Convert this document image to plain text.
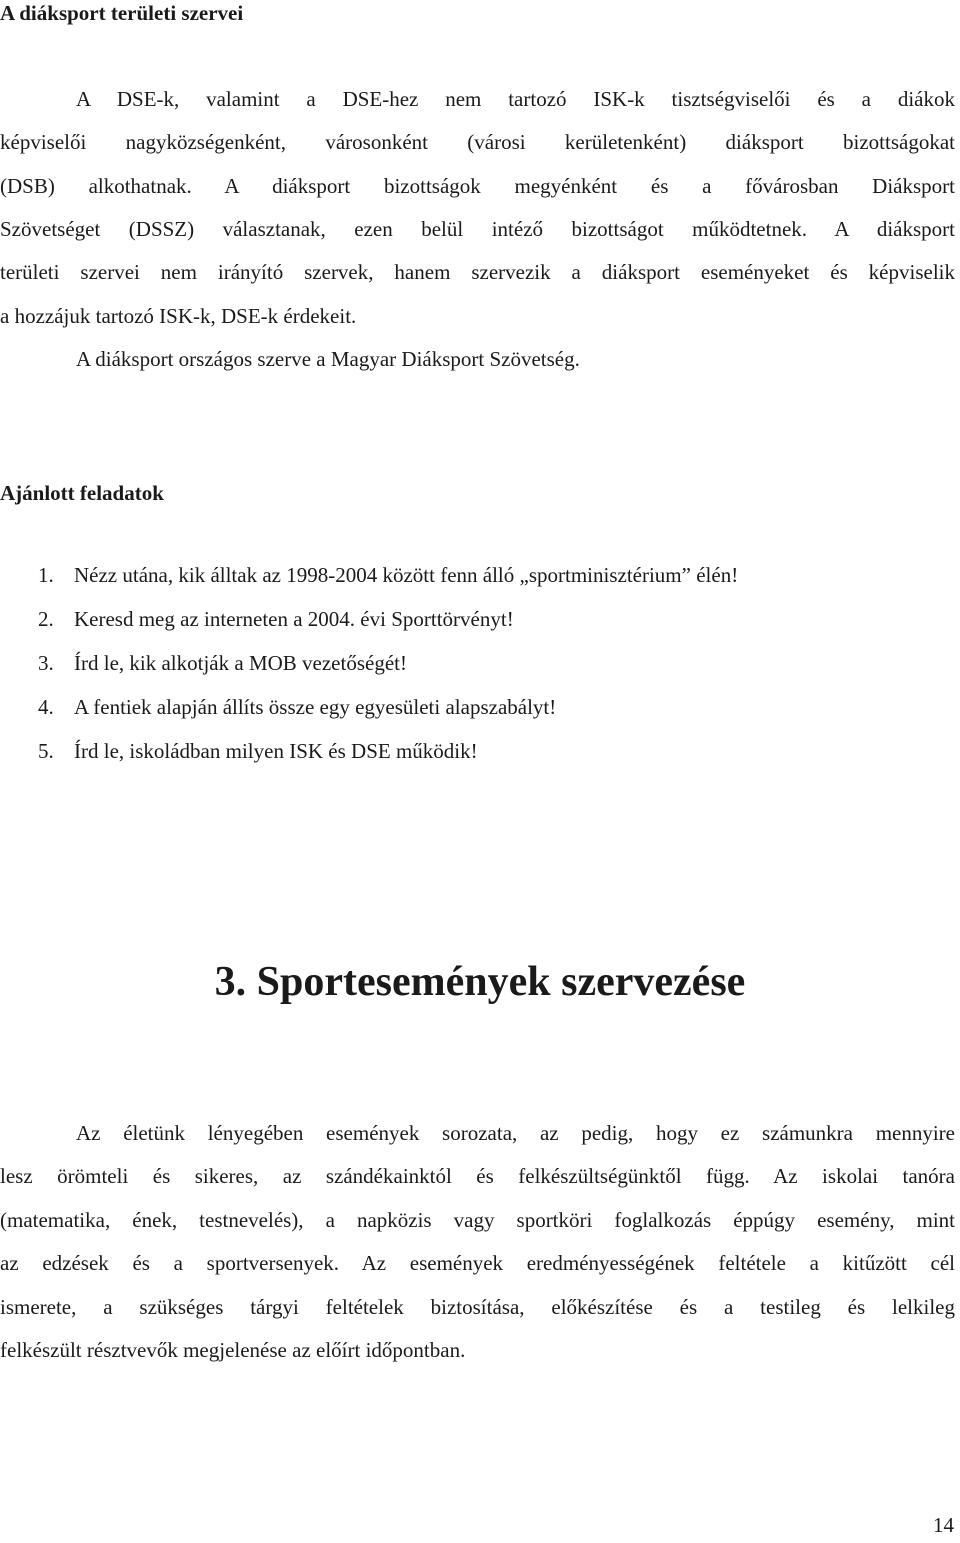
A diáksport területi szervei
A DSE-k, valamint a DSE-hez nem tartozó ISK-k tisztségviselői és a diákok
képviselői nagyközségenként, városonként (városi kerületenként) diáksport bizottságokat
(DSB) alkothatnak. A diáksport bizottságok megyénként és a fővárosban Diáksport
Szövetséget (DSSZ) választanak, ezen belül intéző bizottságot működtetnek. A diáksport
területi szervei nem irányító szervek, hanem szervezik a diáksport eseményeket és képviselik
a hozzájuk tartozó ISK-k, DSE-k érdekeit.
A diáksport országos szerve a Magyar Diáksport Szövetség.
Ajánlott feladatok
1. Nézz utána, kik álltak az 1998-2004 között fenn álló „sportminisztérium” élén!
2. Keresd meg az interneten a 2004. évi Sporttörvényt!
3. Írd le, kik alkotják a MOB vezetőségét!
4. A fentiek alapján állíts össze egy egyesületi alapszabályt!
5. Írd le, iskoládban milyen ISK és DSE működik!
3. Sportesemények szervezése
Az életünk lényegében események sorozata, az pedig, hogy ez számunkra mennyire
lesz örömteli és sikeres, az szándékainktól és felkészültségünktől függ. Az iskolai tanóra
(matematika, ének, testnevelés), a napközis vagy sportköri foglalkozás éppúgy esemény, mint
az edzések és a sportversenyek. Az események eredményességének feltétele a kitűzött cél
ismerete, a szükséges tárgyi feltételek biztosítása, előkészítése és a testileg és lelkileg
felkészült résztvevők megjelenése az előírt időpontban.
14
